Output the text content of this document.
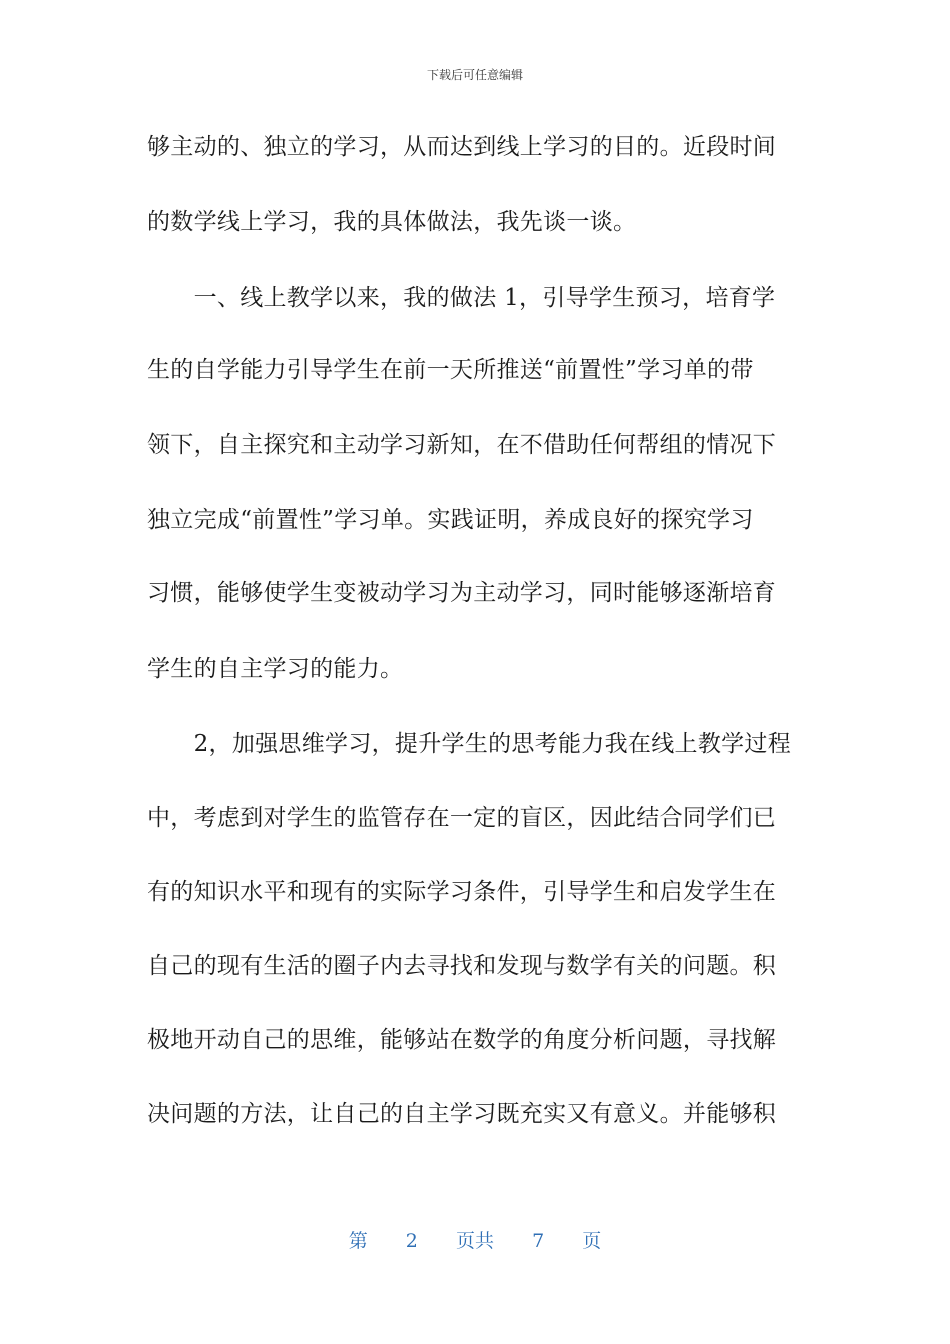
下载后可任意编辑
够主动的、独立的学习，从而达到线上学习的目的。近段时间
的数学线上学习，我的具体做法，我先谈一谈。
　　一、线上教学以来，我的做法 1，引导学生预习，培育学
生的自学能力引导学生在前一天所推送“前置性”学习单的带
领下，自主探究和主动学习新知，在不借助任何帮组的情况下
独立完成“前置性”学习单。实践证明，养成良好的探究学习
习惯，能够使学生变被动学习为主动学习，同时能够逐渐培育
学生的自主学习的能力。
　　2，加强思维学习，提升学生的思考能力我在线上教学过程
中，考虑到对学生的监管存在一定的盲区，因此结合同学们已
有的知识水平和现有的实际学习条件，引导学生和启发学生在
自己的现有生活的圈子内去寻找和发现与数学有关的问题。积
极地开动自己的思维，能够站在数学的角度分析问题，寻找解
决问题的方法，让自己的自主学习既充实又有意义。并能够积
第 2 页共 7 页
